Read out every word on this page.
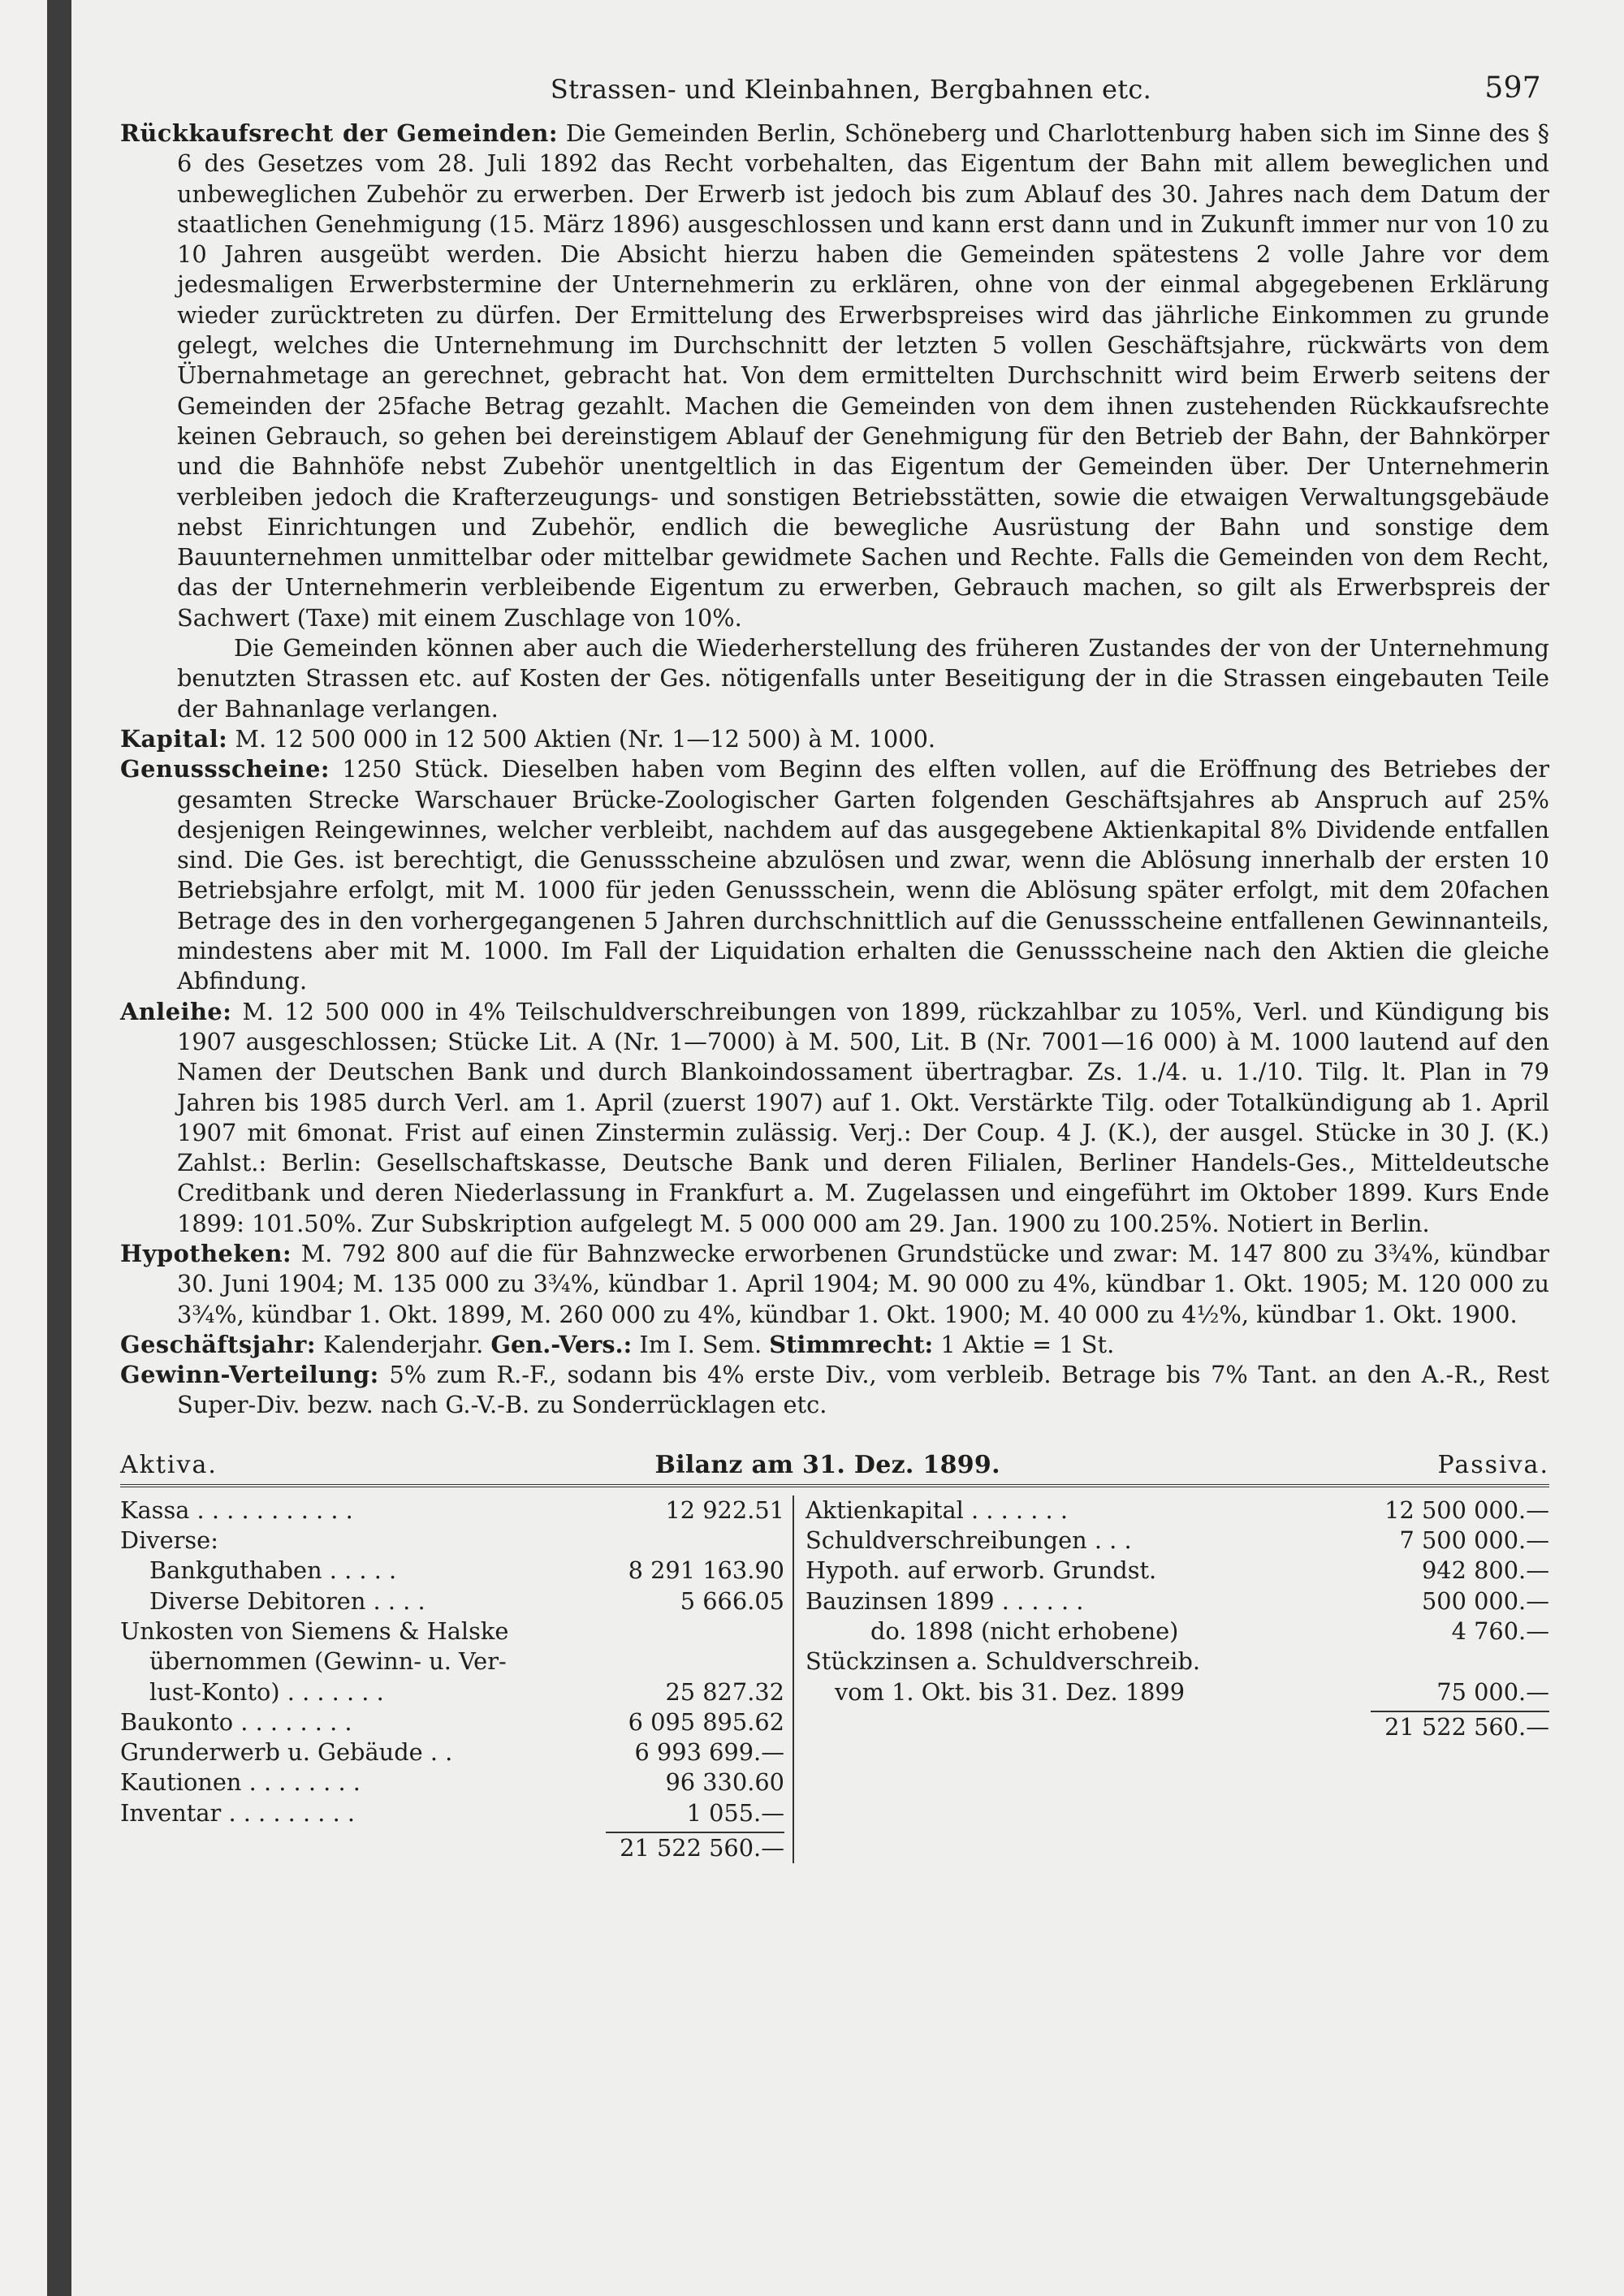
Strassen- und Kleinbahnen, Bergbahnen etc.	597

Rückkaufsrecht der Gemeinden: Die Gemeinden Berlin, Schöneberg und Charlottenburg haben sich im Sinne des § 6 des Gesetzes vom 28. Juli 1892 das Recht vorbehalten, das Eigentum der Bahn mit allem beweglichen und unbeweglichen Zubehör zu erwerben. Der Erwerb ist jedoch bis zum Ablauf des 30. Jahres nach dem Datum der staatlichen Genehmigung (15. März 1896) ausgeschlossen und kann erst dann und in Zukunft immer nur von 10 zu 10 Jahren ausgeübt werden. Die Absicht hierzu haben die Gemeinden spätestens 2 volle Jahre vor dem jedesmaligen Erwerbstermine der Unternehmerin zu erklären, ohne von der einmal abgegebenen Erklärung wieder zurücktreten zu dürfen. Der Ermittelung des Erwerbspreises wird das jährliche Einkommen zu grunde gelegt, welches die Unternehmung im Durchschnitt der letzten 5 vollen Geschäftsjahre, rückwärts von dem Übernahmetage an gerechnet, gebracht hat. Von dem ermittelten Durchschnitt wird beim Erwerb seitens der Gemeinden der 25fache Betrag gezahlt. Machen die Gemeinden von dem ihnen zustehenden Rückkaufsrechte keinen Gebrauch, so gehen bei dereinstigem Ablauf der Genehmigung für den Betrieb der Bahn, der Bahnkörper und die Bahnhöfe nebst Zubehör unentgeltlich in das Eigentum der Gemeinden über. Der Unternehmerin verbleiben jedoch die Krafterzeugungs- und sonstigen Betriebsstätten, sowie die etwaigen Verwaltungsgebäude nebst Einrichtungen und Zubehör, endlich die bewegliche Ausrüstung der Bahn und sonstige dem Bauunternehmen unmittelbar oder mittelbar gewidmete Sachen und Rechte. Falls die Gemeinden von dem Recht, das der Unternehmerin verbleibende Eigentum zu erwerben, Gebrauch machen, so gilt als Erwerbspreis der Sachwert (Taxe) mit einem Zuschlage von 10%.

Die Gemeinden können aber auch die Wiederherstellung des früheren Zustandes der von der Unternehmung benutzten Strassen etc. auf Kosten der Ges. nötigenfalls unter Beseitigung der in die Strassen eingebauten Teile der Bahnanlage verlangen.

Kapital: M. 12 500 000 in 12 500 Aktien (Nr. 1—12 500) à M. 1000.

Genussscheine: 1250 Stück. Dieselben haben vom Beginn des elften vollen, auf die Eröffnung des Betriebes der gesamten Strecke Warschauer Brücke-Zoologischer Garten folgenden Geschäftsjahres ab Anspruch auf 25% desjenigen Reingewinnes, welcher verbleibt, nachdem auf das ausgegebene Aktienkapital 8% Dividende entfallen sind. Die Ges. ist berechtigt, die Genussscheine abzulösen und zwar, wenn die Ablösung innerhalb der ersten 10 Betriebsjahre erfolgt, mit M. 1000 für jeden Genussschein, wenn die Ablösung später erfolgt, mit dem 20fachen Betrage des in den vorhergegangenen 5 Jahren durchschnittlich auf die Genussscheine entfallenen Gewinnanteils, mindestens aber mit M. 1000. Im Fall der Liquidation erhalten die Genussscheine nach den Aktien die gleiche Abfindung.

Anleihe: M. 12 500 000 in 4% Teilschuldverschreibungen von 1899, rückzahlbar zu 105%, Verl. und Kündigung bis 1907 ausgeschlossen; Stücke Lit. A (Nr. 1—7000) à M. 500, Lit. B (Nr. 7001—16 000) à M. 1000 lautend auf den Namen der Deutschen Bank und durch Blankoindossament übertragbar. Zs. 1./4. u. 1./10. Tilg. lt. Plan in 79 Jahren bis 1985 durch Verl. am 1. April (zuerst 1907) auf 1. Okt. Verstärkte Tilg. oder Totalkündigung ab 1. April 1907 mit 6monat. Frist auf einen Zinstermin zulässig. Verj.: Der Coup. 4 J. (K.), der ausgel. Stücke in 30 J. (K.) Zahlst.: Berlin: Gesellschaftskasse, Deutsche Bank und deren Filialen, Berliner Handels-Ges., Mitteldeutsche Creditbank und deren Niederlassung in Frankfurt a. M. Zugelassen und eingeführt im Oktober 1899. Kurs Ende 1899: 101.50%. Zur Subskription aufgelegt M. 5 000 000 am 29. Jan. 1900 zu 100.25%. Notiert in Berlin.

Hypotheken: M. 792 800 auf die für Bahnzwecke erworbenen Grundstücke und zwar: M. 147 800 zu 3¾%, kündbar 30. Juni 1904; M. 135 000 zu 3¾%, kündbar 1. April 1904; M. 90 000 zu 4%, kündbar 1. Okt. 1905; M. 120 000 zu 3¾%, kündbar 1. Okt. 1899, M. 260 000 zu 4%, kündbar 1. Okt. 1900; M. 40 000 zu 4½%, kündbar 1. Okt. 1900.

Geschäftsjahr: Kalenderjahr. Gen.-Vers.: Im I. Sem. Stimmrecht: 1 Aktie = 1 St.

Gewinn-Verteilung: 5% zum R.-F., sodann bis 4% erste Div., vom verbleib. Betrage bis 7% Tant. an den A.-R., Rest Super-Div. bezw. nach G.-V.-B. zu Sonderrücklagen etc.

Aktiva.	Bilanz am 31. Dez. 1899.	Passiva.
Kassa . . . . . . . . . . .	12 922.51
Diverse:
Bankguthaben . . . . .	8 291 163.90
Diverse Debitoren . . . .	5 666.05
Unkosten von Siemens & Halske
übernommen (Gewinn- u. Ver-
lust-Konto) . . . . . . .	25 827.32
Baukonto . . . . . . . .	6 095 895.62
Grunderwerb u. Gebäude . .	6 993 699.—
Kautionen . . . . . . . .	96 330.60
Inventar . . . . . . . . .	1 055.—
21 522 560.—
Aktienkapital . . . . . . .	12 500 000.—
Schuldverschreibungen . . .	7 500 000.—
Hypoth. auf erworb. Grundst.	942 800.—
Bauzinsen 1899 . . . . . .	500 000.—
do. 1898 (nicht erhobene)	4 760.—
Stückzinsen a. Schuldverschreib.
vom 1. Okt. bis 31. Dez. 1899	75 000.—
21 522 560.—
